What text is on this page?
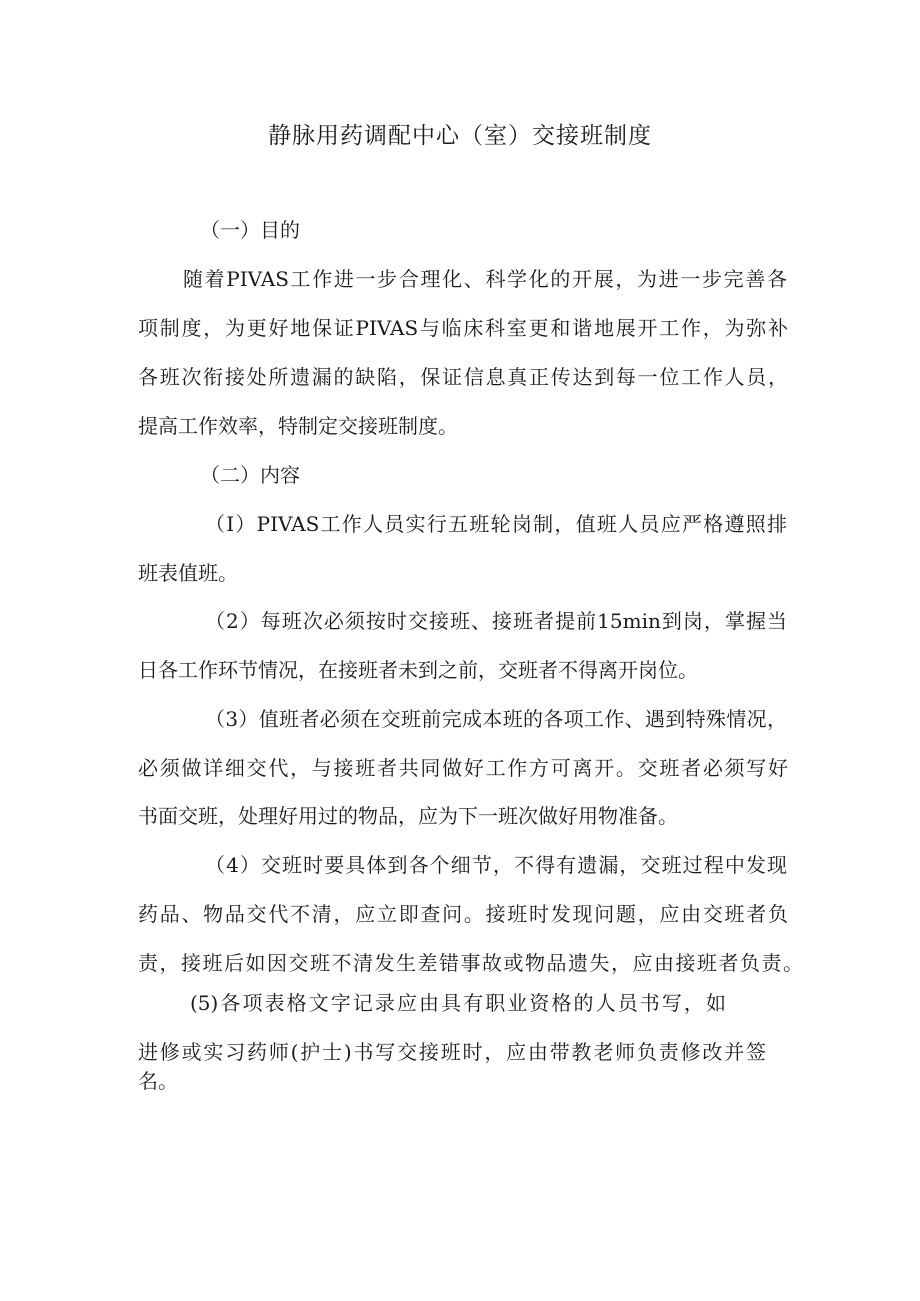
静脉用药调配中心（室）交接班制度
（一）目的
随着PIVAS工作进一步合理化、科学化的开展，为进一步完善各
项制度，为更好地保证PIVAS与临床科室更和谐地展开工作，为弥补
各班次衔接处所遗漏的缺陷，保证信息真正传达到每一位工作人员，
提高工作效率，特制定交接班制度。
（二）内容
（I）PIVAS工作人员实行五班轮岗制，值班人员应严格遵照排
班表值班。
（2）每班次必须按时交接班、接班者提前15min到岗，掌握当
日各工作环节情况，在接班者未到之前，交班者不得离开岗位。
（3）值班者必须在交班前完成本班的各项工作、遇到特殊情况，
必须做详细交代，与接班者共同做好工作方可离开。交班者必须写好
书面交班，处理好用过的物品，应为下一班次做好用物准备。
（4）交班时要具体到各个细节，不得有遗漏，交班过程中发现
药品、物品交代不清，应立即查问。接班时发现问题，应由交班者负
责，接班后如因交班不清发生差错事故或物品遗失，应由接班者负责。
(5)各项表格文字记录应由具有职业资格的人员书写，如
进修或实习药师(护士)书写交接班时，应由带教老师负责修改并签
名。
